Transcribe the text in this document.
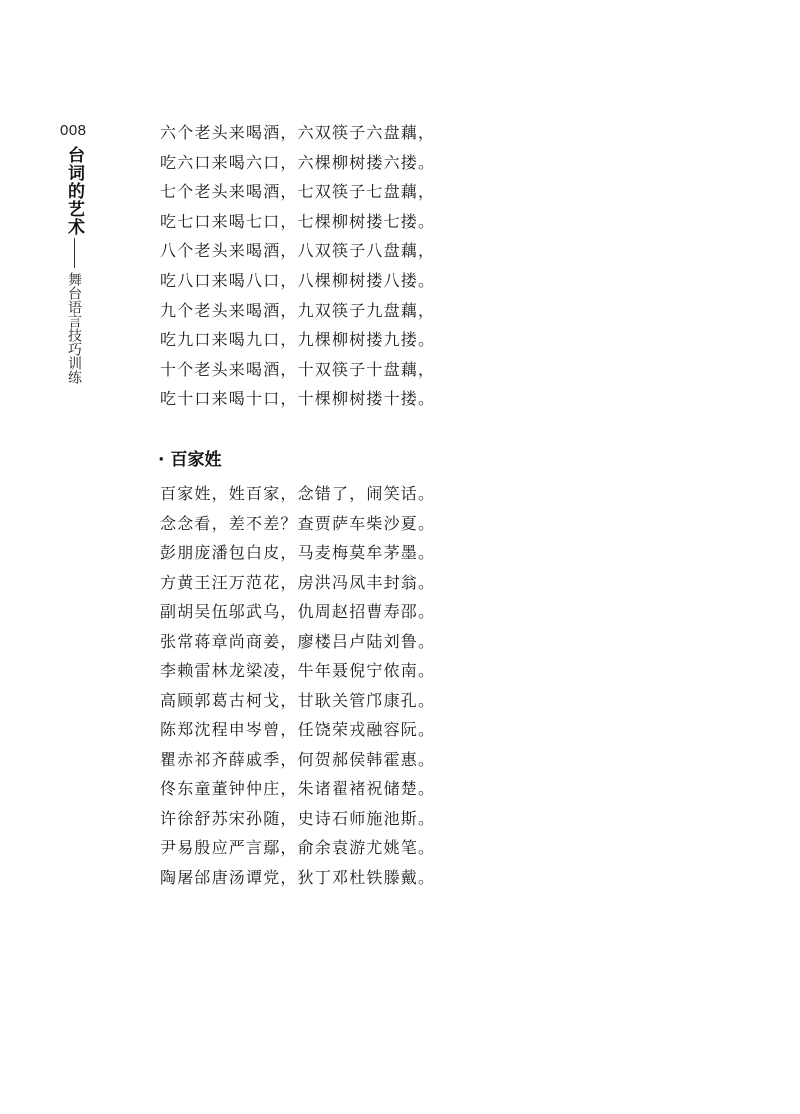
008
台词的艺术
舞台语言技巧训练
六个老头来喝酒，六双筷子六盘藕，
吃六口来喝六口，六棵柳树搂六搂。
七个老头来喝酒，七双筷子七盘藕，
吃七口来喝七口，七棵柳树搂七搂。
八个老头来喝酒，八双筷子八盘藕，
吃八口来喝八口，八棵柳树搂八搂。
九个老头来喝酒，九双筷子九盘藕，
吃九口来喝九口，九棵柳树搂九搂。
十个老头来喝酒，十双筷子十盘藕，
吃十口来喝十口，十棵柳树搂十搂。
· 百家姓
百家姓，姓百家，念错了，闹笑话。
念念看，差不差？查贾萨车柴沙夏。
彭朋庞潘包白皮，马麦梅莫牟茅墨。
方黄王汪万范花，房洪冯凤丰封翁。
副胡吴伍邬武乌，仇周赵招曹寿邵。
张常蒋章尚商姜，廖楼吕卢陆刘鲁。
李赖雷林龙梁凌，牛年聂倪宁侬南。
高顾郭葛古柯戈，甘耿关管邝康孔。
陈郑沈程申岑曾，任饶荣戎融容阮。
瞿赤祁齐薛戚季，何贺郝侯韩霍惠。
佟东童董钟仲庄，朱诸翟褚祝储楚。
许徐舒苏宋孙随，史诗石师施池斯。
尹易殷应严言鄢，俞余袁游尤姚笔。
陶屠邰唐汤谭党，狄丁邓杜铁滕戴。
